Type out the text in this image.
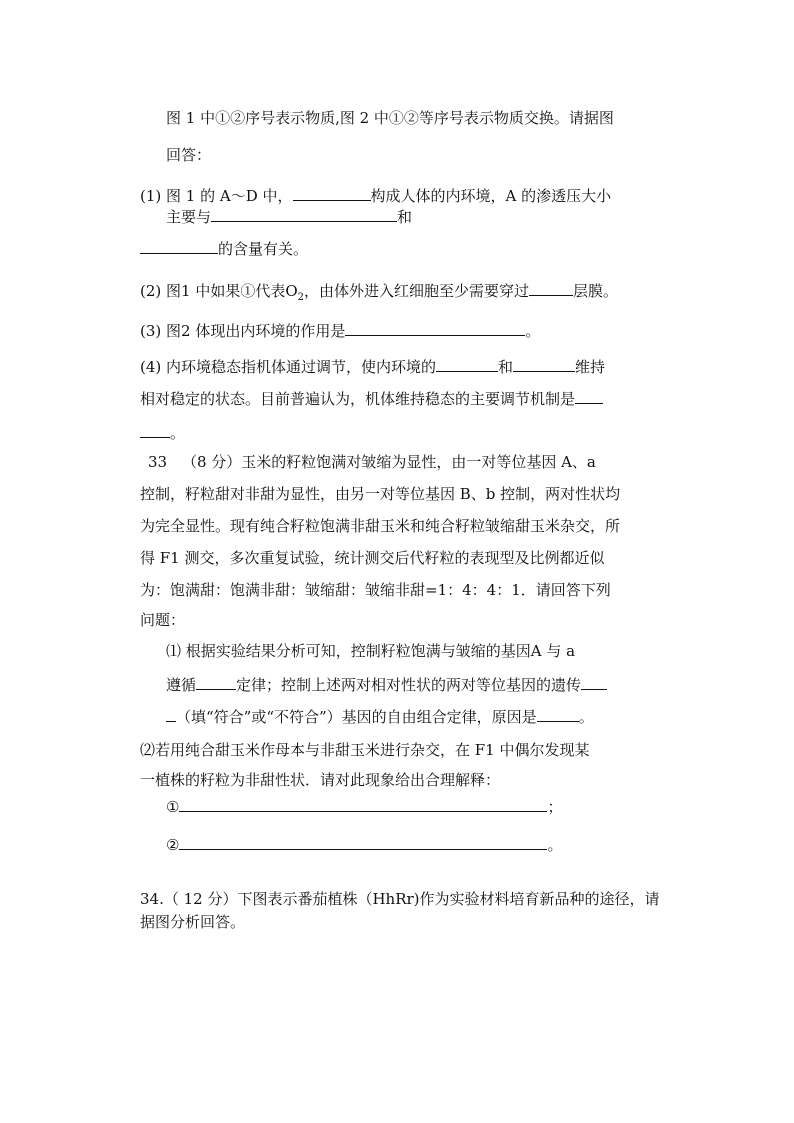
图 1 中①②序号表示物质,图 2 中①②等序号表示物质交换。请据图
回答：
(1) 图 1 的 A～D 中，	构成人体的内环境，A 的渗透压大小
主要与	和
的含量有关。
(2) 图1 中如果①代表$O_2$，由体外进入红细胞至少需要穿过	层膜。
(3) 图2 体现出内环境的作用是	。
(4) 内环境稳态指机体通过调节，使内环境的	和	维持
相对稳定的状态。目前普遍认为，机体维持稳态的主要调节机制是
。
33 （8 分）玉米的籽粒饱满对皱缩为显性，由一对等位基因 A、a
控制，籽粒甜对非甜为显性，由另一对等位基因 B、b 控制，两对性状均
为完全显性。现有纯合籽粒饱满非甜玉米和纯合籽粒皱缩甜玉米杂交，所
得 F1 测交，多次重复试验，统计测交后代籽粒的表现型及比例都近似
为：饱满甜：饱满非甜：皱缩甜：皱缩非甜=1：4：4：1．请回答下列
问题：
⑴ 根据实验结果分析可知，控制籽粒饱满与皱缩的基因A 与 a
遵循	定律；控制上述两对相对性状的两对等位基因的遗传
（填“符合”或“不符合”）基因的自由组合定律，原因是	。
⑵若用纯合甜玉米作母本与非甜玉米进行杂交，在 F1 中偶尔发现某
一植株的籽粒为非甜性状．请对此现象给出合理解释：
①	；
②	。
34.（ 12 分）下图表示番茄植株（HhRr)作为实验材料培育新品种的途径，请
据图分析回答。
